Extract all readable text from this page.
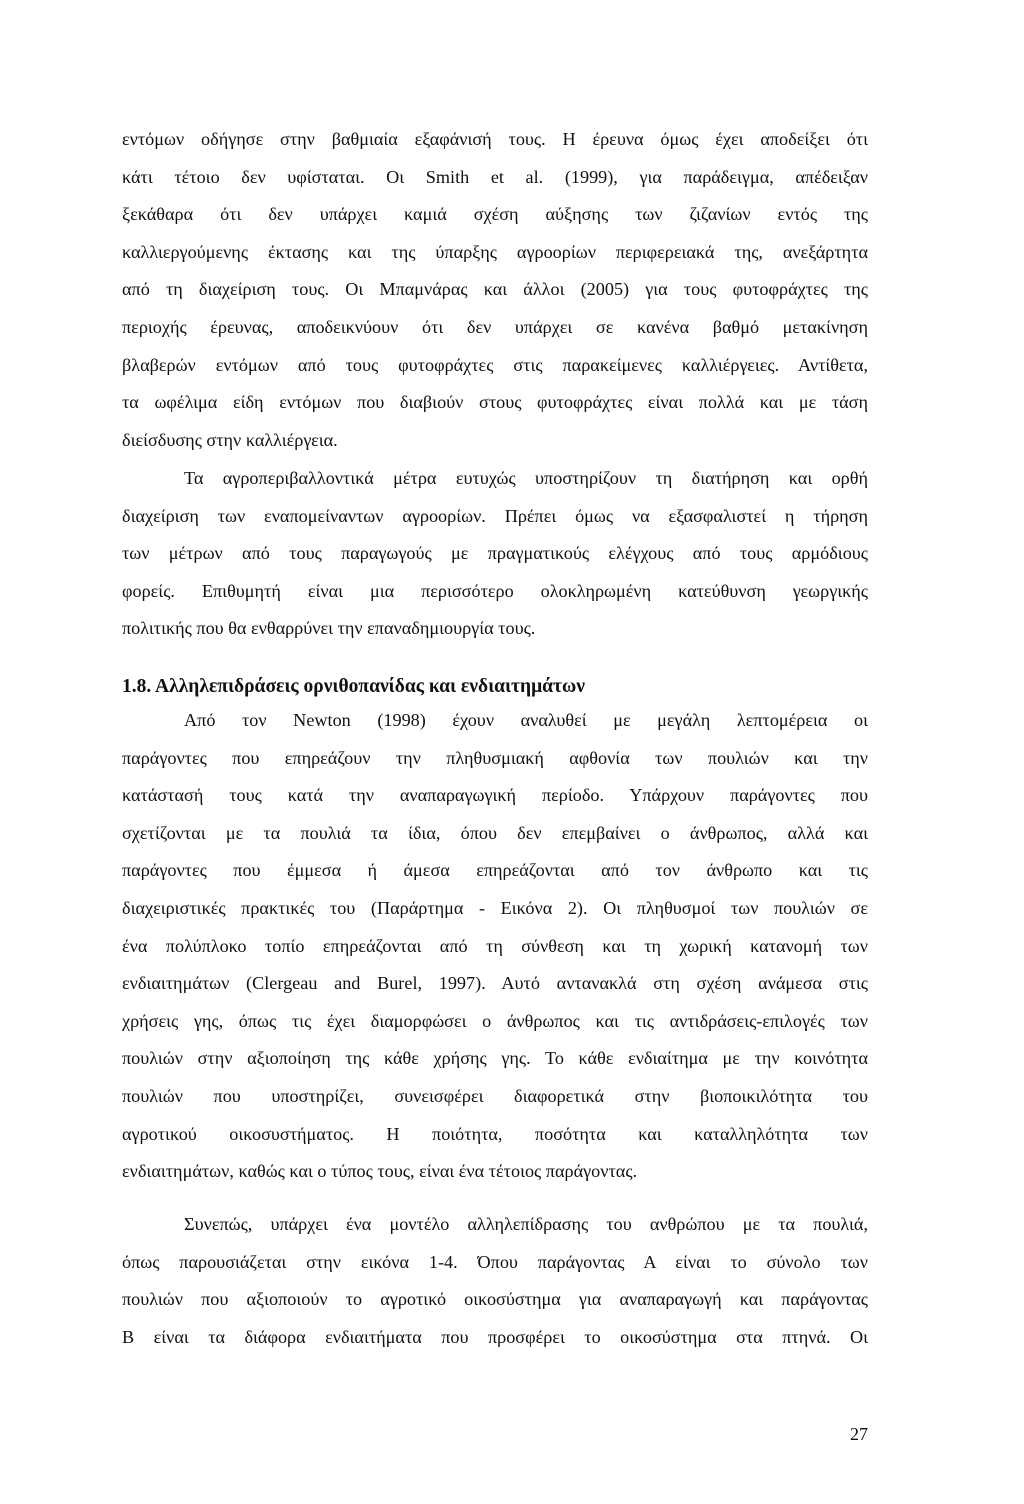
εντόμων οδήγησε στην βαθμιαία εξαφάνισή τους. Η έρευνα όμως έχει αποδείξει ότι
κάτι τέτοιο δεν υφίσταται. Οι Smith et al. (1999), για παράδειγμα, απέδειξαν
ξεκάθαρα ότι δεν υπάρχει καμιά σχέση αύξησης των ζιζανίων εντός της
καλλιεργούμενης έκτασης και της ύπαρξης αγροορίων περιφερειακά της, ανεξάρτητα
από τη διαχείριση τους. Οι Μπαμνάρας και άλλοι (2005) για τους φυτοφράχτες της
περιοχής έρευνας, αποδεικνύουν ότι δεν υπάρχει σε κανένα βαθμό μετακίνηση
βλαβερών εντόμων από τους φυτοφράχτες στις παρακείμενες καλλιέργειες. Αντίθετα,
τα ωφέλιμα είδη εντόμων που διαβιούν στους φυτοφράχτες είναι πολλά και με τάση
διείσδυσης στην καλλιέργεια.
Τα αγροπεριβαλλοντικά μέτρα ευτυχώς υποστηρίζουν τη διατήρηση και ορθή
διαχείριση των εναπομείναντων αγροορίων. Πρέπει όμως να εξασφαλιστεί η τήρηση
των μέτρων από τους παραγωγούς με πραγματικούς ελέγχους από τους αρμόδιους
φορείς. Επιθυμητή είναι μια περισσότερο ολοκληρωμένη κατεύθυνση γεωργικής
πολιτικής που θα ενθαρρύνει την επαναδημιουργία τους.
1.8. Αλληλεπιδράσεις ορνιθοπανίδας και ενδιαιτημάτων
Από τον Newton (1998) έχουν αναλυθεί με μεγάλη λεπτομέρεια οι
παράγοντες που επηρεάζουν την πληθυσμιακή αφθονία των πουλιών και την
κατάστασή τους κατά την αναπαραγωγική περίοδο. Υπάρχουν παράγοντες που
σχετίζονται με τα πουλιά τα ίδια, όπου δεν επεμβαίνει ο άνθρωπος, αλλά και
παράγοντες που έμμεσα ή άμεσα επηρεάζονται από τον άνθρωπο και τις
διαχειριστικές πρακτικές του (Παράρτημα - Εικόνα 2). Οι πληθυσμοί των πουλιών σε
ένα πολύπλοκο τοπίο επηρεάζονται από τη σύνθεση και τη χωρική κατανομή των
ενδιαιτημάτων (Clergeau and Burel, 1997). Αυτό αντανακλά στη σχέση ανάμεσα στις
χρήσεις γης, όπως τις έχει διαμορφώσει ο άνθρωπος και τις αντιδράσεις-επιλογές των
πουλιών στην αξιοποίηση της κάθε χρήσης γης. Το κάθε ενδιαίτημα με την κοινότητα
πουλιών που υποστηρίζει, συνεισφέρει διαφορετικά στην βιοποικιλότητα του
αγροτικού οικοσυστήματος. Η ποιότητα, ποσότητα και καταλληλότητα των
ενδιαιτημάτων, καθώς και ο τύπος τους, είναι ένα τέτοιος παράγοντας.
Συνεπώς, υπάρχει ένα μοντέλο αλληλεπίδρασης του ανθρώπου με τα πουλιά,
όπως παρουσιάζεται στην εικόνα 1-4. Όπου παράγοντας Α είναι το σύνολο των
πουλιών που αξιοποιούν το αγροτικό οικοσύστημα για αναπαραγωγή και παράγοντας
Β είναι τα διάφορα ενδιαιτήματα που προσφέρει το οικοσύστημα στα πτηνά. Οι
27
